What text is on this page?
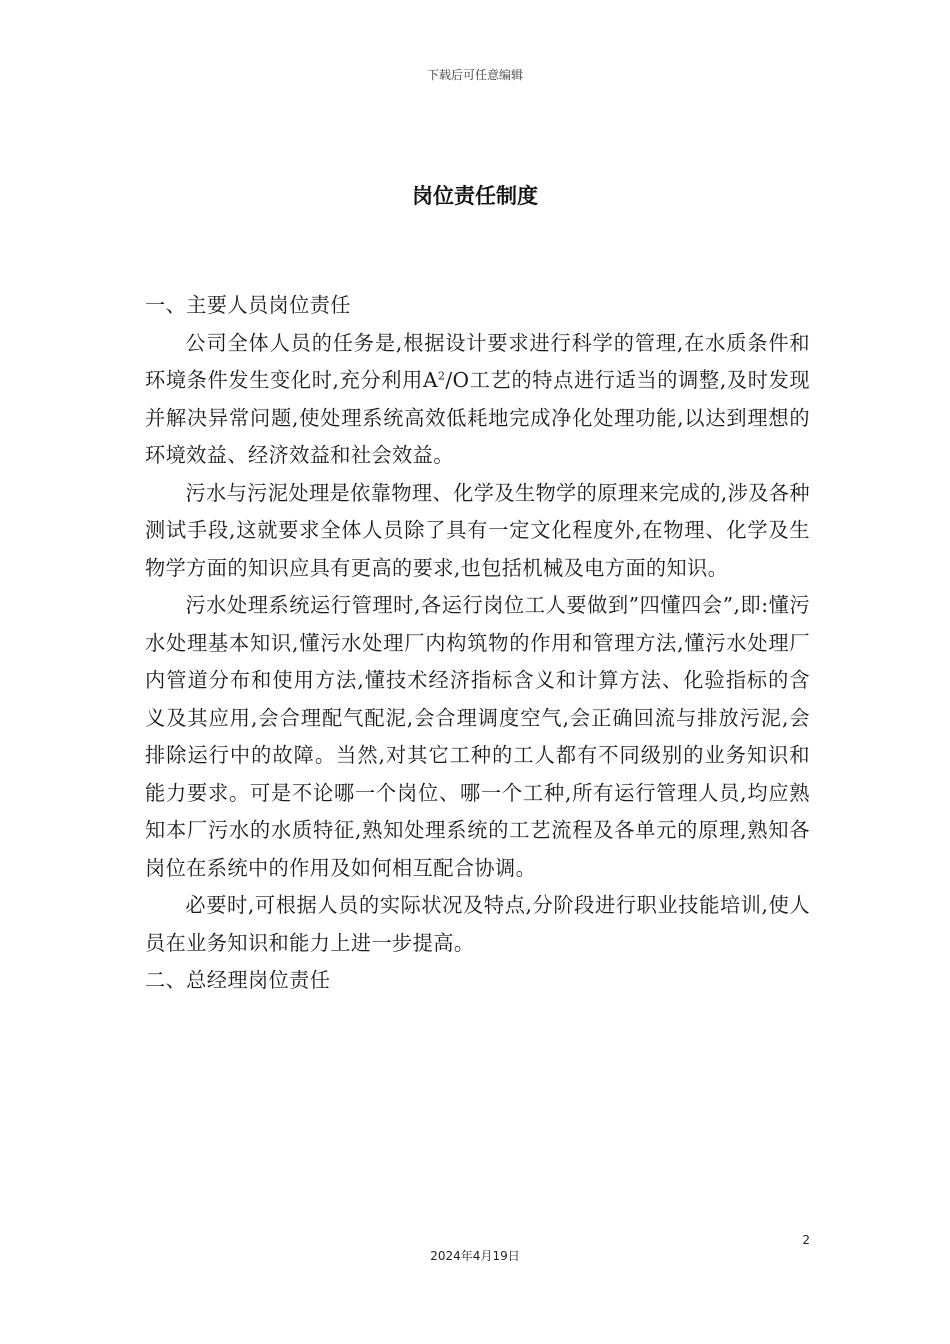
下载后可任意编辑
岗位责任制度

一、主要人员岗位责任

公司全体人员的任务是,根据设计要求进行科学的管理,在水质条件和环境条件发生变化时,充分利用$A^2/O$工艺的特点进行适当的调整,及时发现并解决异常问题,使处理系统高效低耗地完成净化处理功能,以达到理想的环境效益、经济效益和社会效益。

污水与污泥处理是依靠物理、化学及生物学的原理来完成的,涉及各种测试手段,这就要求全体人员除了具有一定文化程度外,在物理、化学及生物学方面的知识应具有更高的要求,也包括机械及电方面的知识。

污水处理系统运行管理时,各运行岗位工人要做到”四懂四会”,即:懂污水处理基本知识,懂污水处理厂内构筑物的作用和管理方法,懂污水处理厂内管道分布和使用方法,懂技术经济指标含义和计算方法、化验指标的含义及其应用,会合理配气配泥,会合理调度空气,会正确回流与排放污泥,会排除运行中的故障。当然,对其它工种的工人都有不同级别的业务知识和能力要求。可是不论哪一个岗位、哪一个工种,所有运行管理人员,均应熟知本厂污水的水质特征,熟知处理系统的工艺流程及各单元的原理,熟知各岗位在系统中的作用及如何相互配合协调。

必要时,可根据人员的实际状况及特点,分阶段进行职业技能培训,使人员在业务知识和能力上进一步提高。

二、总经理岗位责任

2
2024年4月19日
